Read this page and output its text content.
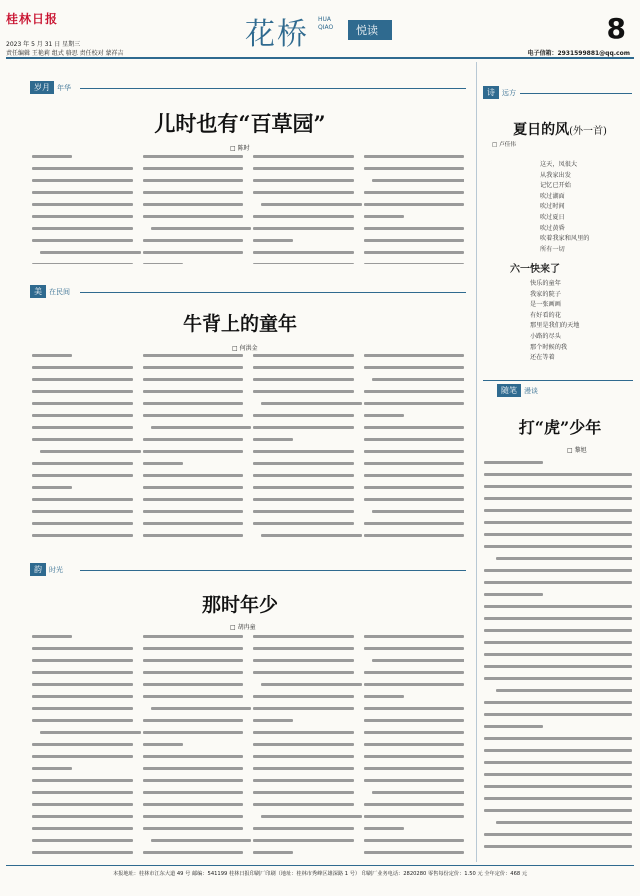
桂林日报
2023 年 5 月 31 日 星期三
责任编辑 王艳莉 组式 骆思 责任校对 蒙祥吉
花桥 HUA QIAO	悦读	8
电子信箱：2931599881@qq.com
岁月	年华
儿时也有“百草园”
□ 陈时
美	在民间
牛背上的童年
□ 何洪金
韵	时光
那时年少
□ 胡冉童
诗	远方
夏日的风(外一首)
□ 卢佳伟
这天，凤很大
从我家出发
记忆已开始
吹过湖面
吹过时间
吹过夏日
吹过黄昏
吹着我家和风里的
所有一切
六一快来了
快乐的童年
我家的院子
是一张画画
有好看的花
那里是我们的天地
小路的尽头
那个时候的我
还在等着
随笔	漫谈
打“虎”少年
□ 黎旭
本报地址：桂林市江东大道 49 号 邮编：541199 桂林日报印刷厂印刷（地址：桂林市秀峰区雄深路 1 号） 印刷厂业务电话：2820280 零售每份定价：1.50 元 全年定价：468 元
